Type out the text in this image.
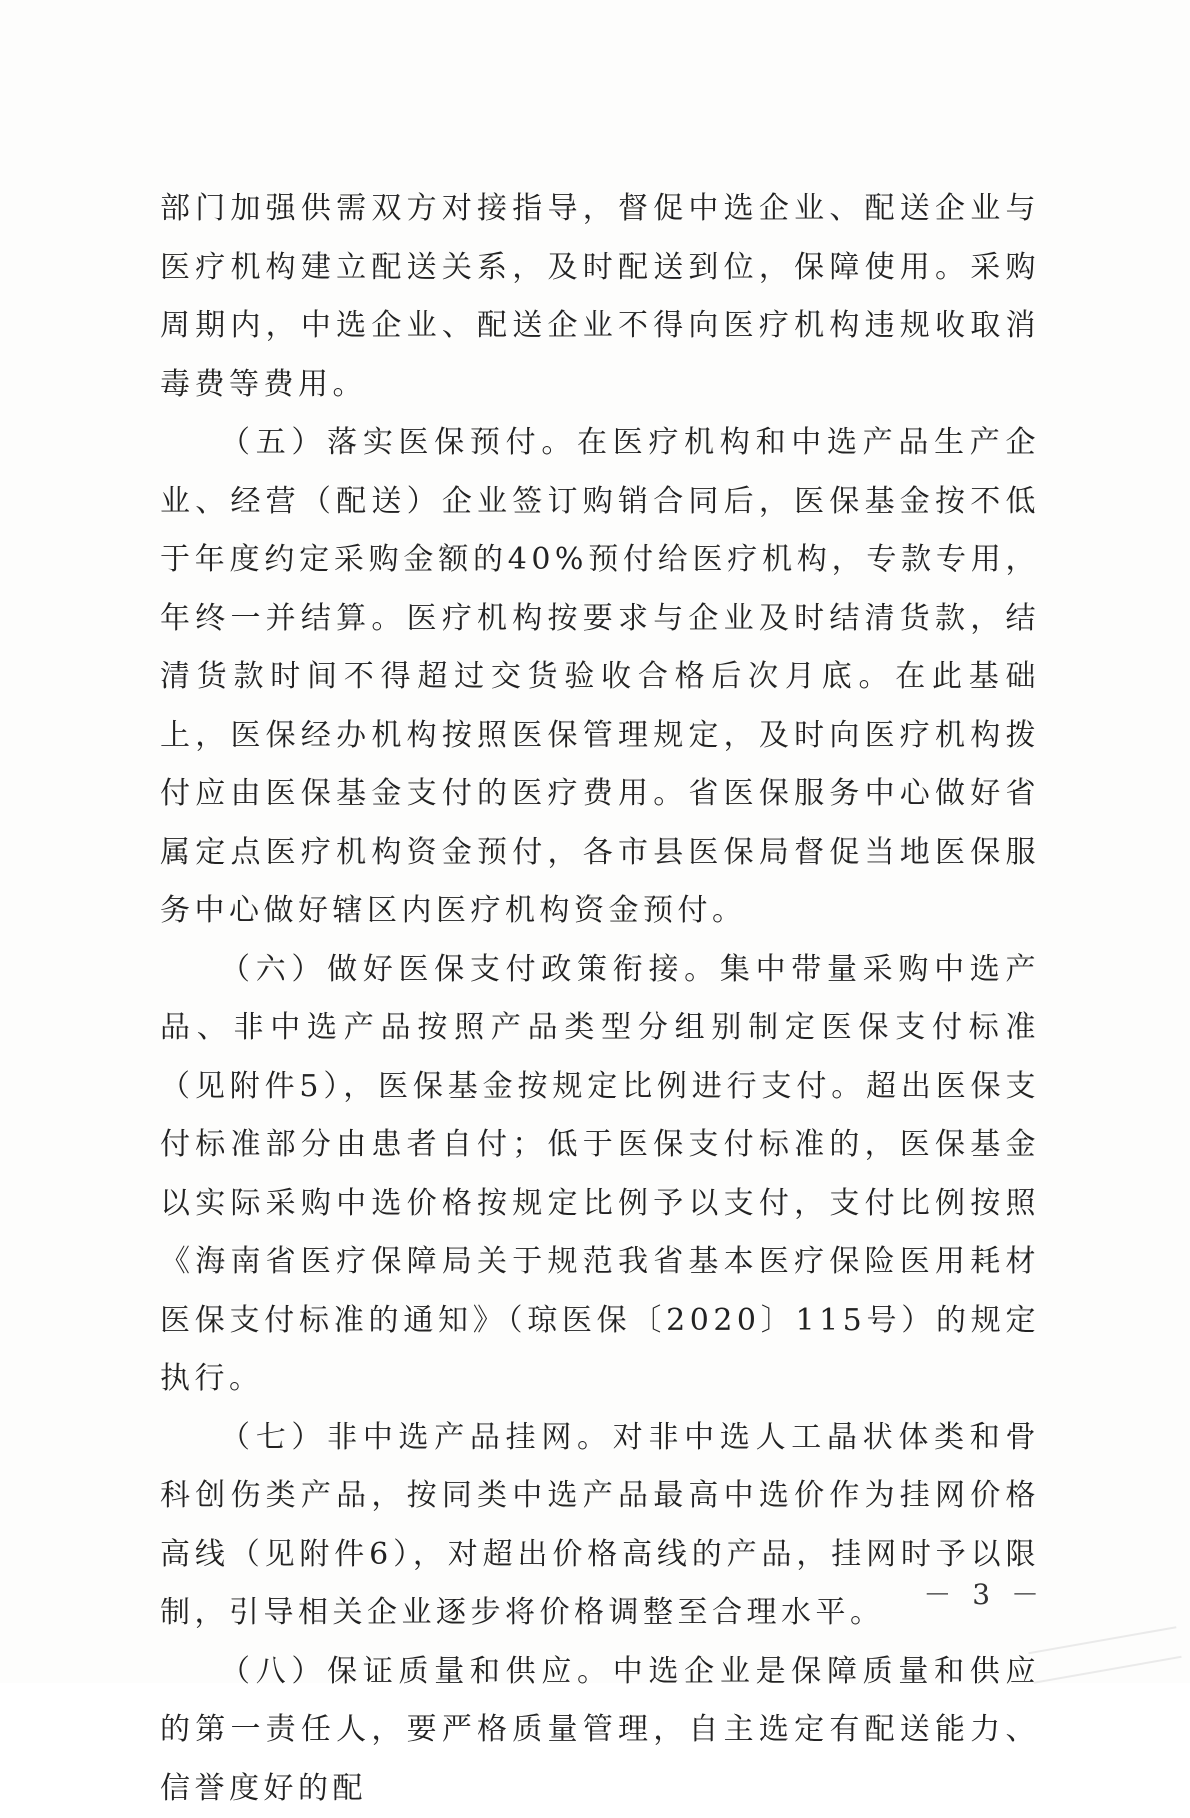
部门加强供需双方对接指导，督促中选企业、配送企业与医疗机构建立配送关系，及时配送到位，保障使用。采购周期内，中选企业、配送企业不得向医疗机构违规收取消毒费等费用。

（五）落实医保预付。在医疗机构和中选产品生产企业、经营（配送）企业签订购销合同后，医保基金按不低于年度约定采购金额的40%预付给医疗机构，专款专用，年终一并结算。医疗机构按要求与企业及时结清货款，结清货款时间不得超过交货验收合格后次月底。在此基础上，医保经办机构按照医保管理规定，及时向医疗机构拨付应由医保基金支付的医疗费用。省医保服务中心做好省属定点医疗机构资金预付，各市县医保局督促当地医保服务中心做好辖区内医疗机构资金预付。

（六）做好医保支付政策衔接。集中带量采购中选产品、非中选产品按照产品类型分组别制定医保支付标准（见附件5），医保基金按规定比例进行支付。超出医保支付标准部分由患者自付；低于医保支付标准的，医保基金以实际采购中选价格按规定比例予以支付，支付比例按照《海南省医疗保障局关于规范我省基本医疗保险医用耗材医保支付标准的通知》（琼医保〔2020〕115号）的规定执行。

（七）非中选产品挂网。对非中选人工晶状体类和骨科创伤类产品，按同类中选产品最高中选价作为挂网价格高线（见附件6），对超出价格高线的产品，挂网时予以限制，引导相关企业逐步将价格调整至合理水平。

（八）保证质量和供应。中选企业是保障质量和供应的第一责任人，要严格质量管理，自主选定有配送能力、信誉度好的配

－ 3 －
